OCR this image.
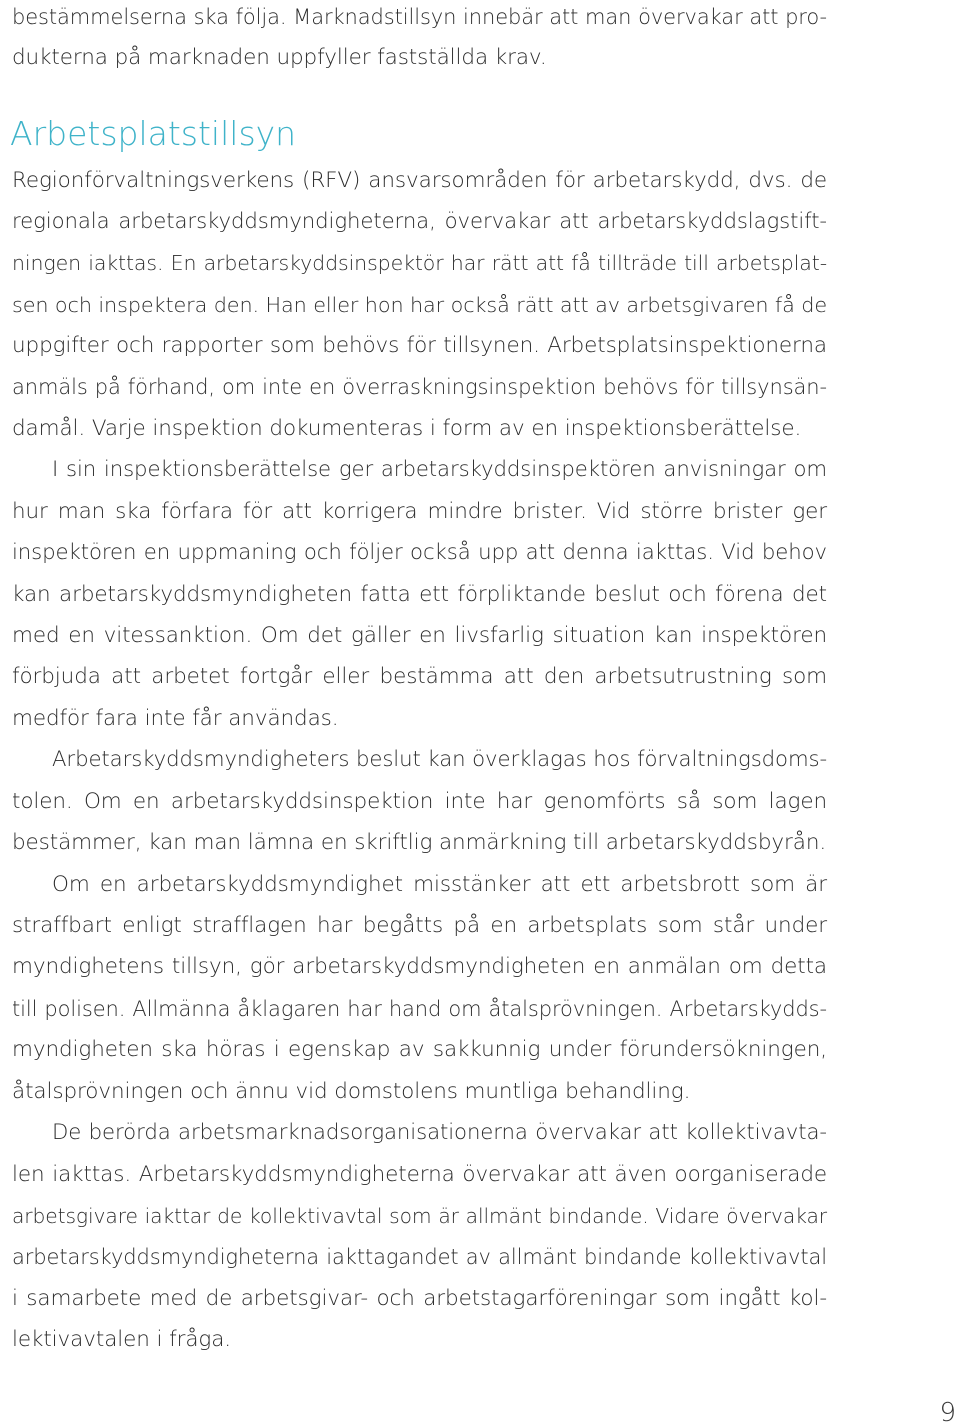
bestämmelserna ska följa. Marknadstillsyn innebär att man övervakar att pro-
dukterna på marknaden uppfyller fastställda krav.
Arbetsplatstillsyn
Regionförvaltningsverkens (RFV) ansvarsområden för arbetarskydd, dvs. de
regionala arbetarskyddsmyndigheterna, övervakar att arbetarskyddslagstift-
ningen iakttas. En arbetarskyddsinspektör har rätt att få tillträde till arbetsplat-
sen och inspektera den. Han eller hon har också rätt att av arbetsgivaren få de
uppgifter och rapporter som behövs för tillsynen. Arbetsplatsinspektionerna
anmäls på förhand, om inte en överraskningsinspektion behövs för tillsynsän-
damål. Varje inspektion dokumenteras i form av en inspektionsberättelse.
I sin inspektionsberättelse ger arbetarskyddsinspektören anvisningar om
hur man ska förfara för att korrigera mindre brister. Vid större brister ger
inspektören en uppmaning och följer också upp att denna iakttas. Vid behov
kan arbetarskyddsmyndigheten fatta ett förpliktande beslut och förena det
med en vitessanktion. Om det gäller en livsfarlig situation kan inspektören
förbjuda att arbetet fortgår eller bestämma att den arbetsutrustning som
medför fara inte får användas.
Arbetarskyddsmyndigheters beslut kan överklagas hos förvaltningsdoms-
tolen. Om en arbetarskyddsinspektion inte har genomförts så som lagen
bestämmer, kan man lämna en skriftlig anmärkning till arbetarskyddsbyrån.
Om en arbetarskyddsmyndighet misstänker att ett arbetsbrott som är
straffbart enligt strafflagen har begåtts på en arbetsplats som står under
myndighetens tillsyn, gör arbetarskyddsmyndigheten en anmälan om detta
till polisen. Allmänna åklagaren har hand om åtalsprövningen. Arbetarskydds-
myndigheten ska höras i egenskap av sakkunnig under förundersökningen,
åtalsprövningen och ännu vid domstolens muntliga behandling.
De berörda arbetsmarknadsorganisationerna övervakar att kollektivavta-
len iakttas. Arbetarskyddsmyndigheterna övervakar att även oorganiserade
arbetsgivare iakttar de kollektivavtal som är allmänt bindande. Vidare övervakar
arbetarskyddsmyndigheterna iakttagandet av allmänt bindande kollektivavtal
i samarbete med de arbetsgivar- och arbetstagarföreningar som ingått kol-
lektivavtalen i fråga.
9
